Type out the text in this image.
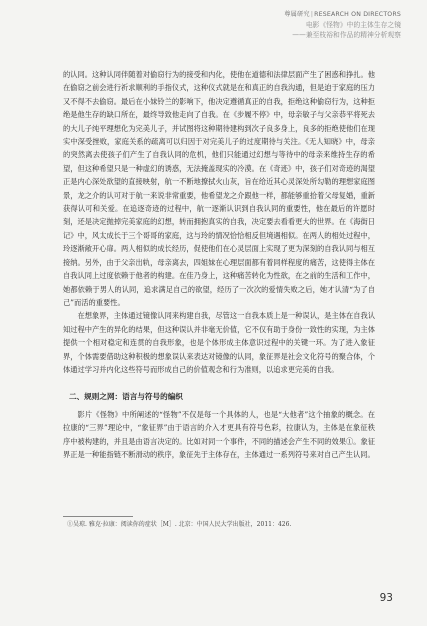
尊属研究|RESEARCH ON DIRECTORS
电影《怪物》中的主体生存之镜
——兼至枝裕和作品的精神分析观察

的认同。这种认同伴随着对偷窃行为的接受和内化，使他在道德和法律层面产生了困惑和挣扎。他在偷窃之前会进行祈求顺利的手指仪式，这种仪式就是在和真正的自我沟通，但是迫于家庭的压力又不得不去偷窃。最后在小妹铃兰的影响下，他决定遵循真正的自我，拒绝这种偷窃行为，这种拒绝是他生存的缺口所在，最终导致他走向了自我。在《步履不停》中，母亲敏子与父亲恭平将死去的大儿子纯平理想化为完美儿子，并试图将这种期待建构到次子良多身上，良多的拒绝使他们在现实中深受挫败，家庭关系的疏离可以归因于对完美儿子的过度期待与关注。《无人知晓》中，母亲的突然离去使孩子们产生了自我认同的危机，他们只能通过幻想与等待中的母亲来维持生存的希望，但这种希望只是一种虚幻的诱惑，无法掩盖现实的冷漠。在《奇迹》中，孩子们对奇迹的渴望正是内心深处欲望的直接映射，航一不断地撩拭火山灰，旨在给近其心灵深处所勾勒的理想家庭图景，龙之介的认可对于航一来说非常重要，他希望龙之介跟他一样，都能够重拾着父母复婚，重新获得认可和关爱。在追逐奇迹的过程中，航一逐渐认识到自我认同的重要性，他在最后的许愿时刻，还是决定抛掉完美家庭的幻想，转而拥抱真实的自我，决定要去看看更大的世界。在《海街日记》中，风太成长于三个哥哥的家庭，这与玲的情况恰恰相反但境遇相似。在两人的相处过程中，玲逐渐敞开心扉。两人相似的成长经历，促使他们在心灵层面上实现了更为深刻的自我认同与相互接纳。另外，由于父亲出轨，母亲离去，四姐妹在心理层面都有着同样程度的痛苦，这使得主体在自我认同上过度依赖于他者的构建。在佳乃身上，这种痛苦转化为性欲，在之前的生活和工作中，她都依赖于男人的认同，追求满足自己的欲望，经历了一次次的爱情失败之后，她才认清“为了自己”而活的重要性。

在想象界，主体通过镜像认同来构建自我，尽管这一自我本质上是一种误认，是主体在自我认知过程中产生的异化的结果，但这种误认并非毫无价值，它不仅有助于身份一致性的实现，为主体提供一个相对稳定和连贯的自我形象，也是个体形成主体意识过程中的关键一环。为了进入象征界，个体需要借助这种积极的想象误认来表达对镜像的认同，象征界是社会文化符号的聚合体，个体通过学习并内化这些符号而形成自己的价值观念和行为准则，以追求更完美的自我。

二、规则之网：语言与符号的编织

影片《怪物》中所阐述的“怪物”不仅是每一个具体的人，也是“大他者”这个抽象的概念。在拉康的“三界”理论中，“象征界”由于语言的介入才更具有符号色彩，拉康认为，主体是在象征秩序中被构建的，并且是由语言决定的。比如对同一个事件，不同的描述会产生不同的效果①。象征界正是一种能指链不断滑动的秩序，象征先于主体存在，主体通过一系列符号来对自己产生认同。

①吴琼. 雅克·拉康：阅读你的症状［M］. 北京：中国人民大学出版社，2011：426.
93
